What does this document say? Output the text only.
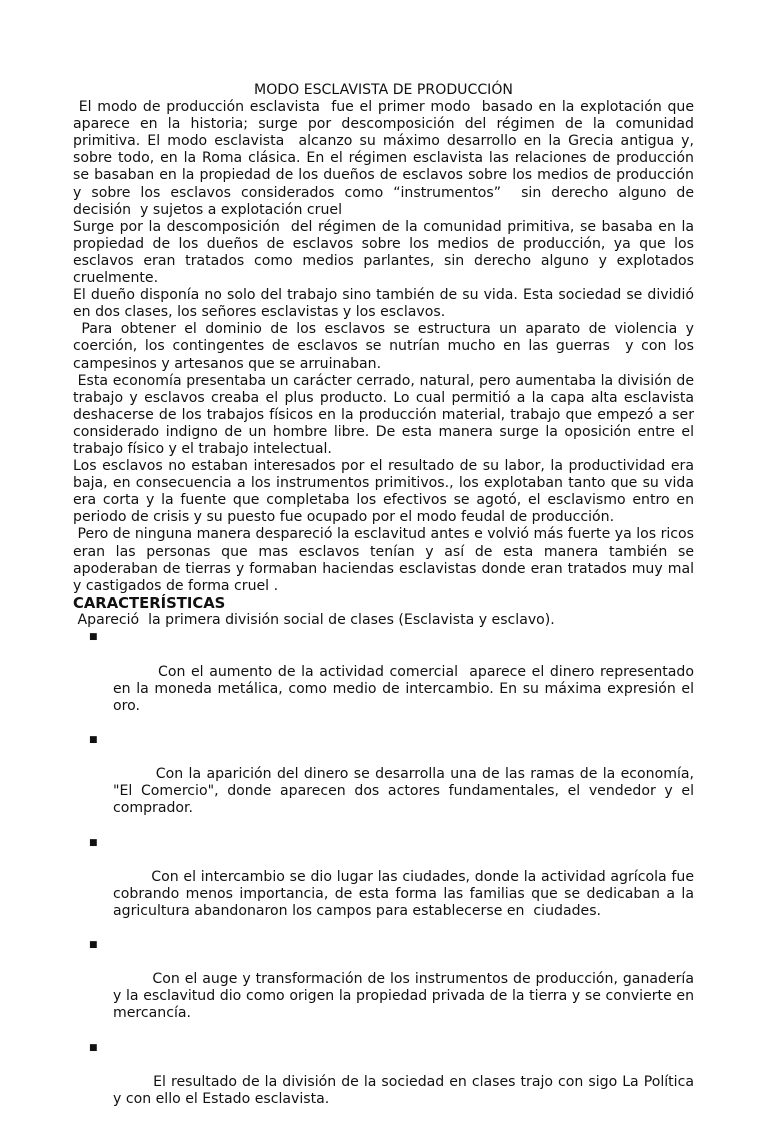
MODO ESCLAVISTA DE PRODUCCIÓN

El modo de producción esclavista  fue el primer modo  basado en la explotación que aparece en la historia; surge por descomposición del régimen de la comunidad primitiva. El modo esclavista  alcanzo su máximo desarrollo en la Grecia antigua y, sobre todo, en la Roma clásica. En el régimen esclavista las relaciones de producción se basaban en la propiedad de los dueños de esclavos sobre los medios de producción y sobre los esclavos considerados como “instrumentos”  sin derecho alguno de decisión  y sujetos a explotación cruel

Surge por la descomposición  del régimen de la comunidad primitiva, se basaba en la propiedad de los dueños de esclavos sobre los medios de producción, ya que los esclavos eran tratados como medios parlantes, sin derecho alguno y explotados cruelmente.

El dueño disponía no solo del trabajo sino también de su vida. Esta sociedad se dividió en dos clases, los señores esclavistas y los esclavos.

Para obtener el dominio de los esclavos se estructura un aparato de violencia y coerción, los contingentes de esclavos se nutrían mucho en las guerras  y con los campesinos y artesanos que se arruinaban.

Esta economía presentaba un carácter cerrado, natural, pero aumentaba la división de trabajo y esclavos creaba el plus producto. Lo cual permitió a la capa alta esclavista deshacerse de los trabajos físicos en la producción material, trabajo que empezó a ser considerado indigno de un hombre libre. De esta manera surge la oposición entre el trabajo físico y el trabajo intelectual.

Los esclavos no estaban interesados por el resultado de su labor, la productividad era baja, en consecuencia a los instrumentos primitivos., los explotaban tanto que su vida era corta y la fuente que completaba los efectivos se agotó, el esclavismo entro en periodo de crisis y su puesto fue ocupado por el modo feudal de producción.

Pero de ninguna manera despareció la esclavitud antes e volvió más fuerte ya los ricos eran las personas que mas esclavos tenían y así de esta manera también se apoderaban de tierras y formaban haciendas esclavistas donde eran tratados muy mal y castigados de forma cruel .

CARACTERÍSTICAS

Apareció  la primera división social de clases (Esclavista y esclavo).

■

Con el aumento de la actividad comercial  aparece el dinero representado en la moneda metálica, como medio de intercambio. En su máxima expresión el oro.

■

Con la aparición del dinero se desarrolla una de las ramas de la economía, "El Comercio", donde aparecen dos actores fundamentales, el vendedor y el comprador.

■

Con el intercambio se dio lugar las ciudades, donde la actividad agrícola fue cobrando menos importancia, de esta forma las familias que se dedicaban a la agricultura abandonaron los campos para establecerse en  ciudades.

■

Con el auge y transformación de los instrumentos de producción, ganadería y la esclavitud dio como origen la propiedad privada de la tierra y se convierte en mercancía.

■

El resultado de la división de la sociedad en clases trajo con sigo La Política y con ello el Estado esclavista.
